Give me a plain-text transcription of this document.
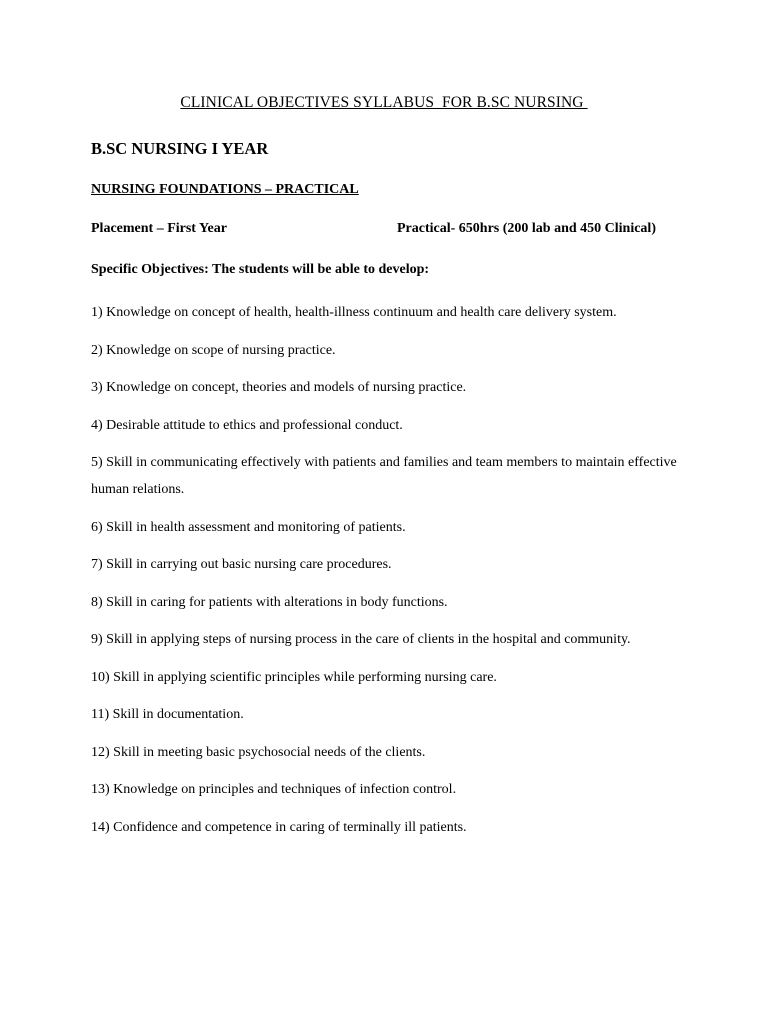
CLINICAL OBJECTIVES SYLLABUS  FOR B.SC NURSING
B.SC NURSING I YEAR
NURSING FOUNDATIONS – PRACTICAL
Placement – First Year	Practical- 650hrs (200 lab and 450 Clinical)
Specific Objectives: The students will be able to develop:
1) Knowledge on concept of health, health-illness continuum and health care delivery system.
2) Knowledge on scope of nursing practice.
3) Knowledge on concept, theories and models of nursing practice.
4) Desirable attitude to ethics and professional conduct.
5) Skill in communicating effectively with patients and families and team members to maintain effective human relations.
6) Skill in health assessment and monitoring of patients.
7) Skill in carrying out basic nursing care procedures.
8) Skill in caring for patients with alterations in body functions.
9) Skill in applying steps of nursing process in the care of clients in the hospital and community.
10) Skill in applying scientific principles while performing nursing care.
11) Skill in documentation.
12) Skill in meeting basic psychosocial needs of the clients.
13) Knowledge on principles and techniques of infection control.
14) Confidence and competence in caring of terminally ill patients.
